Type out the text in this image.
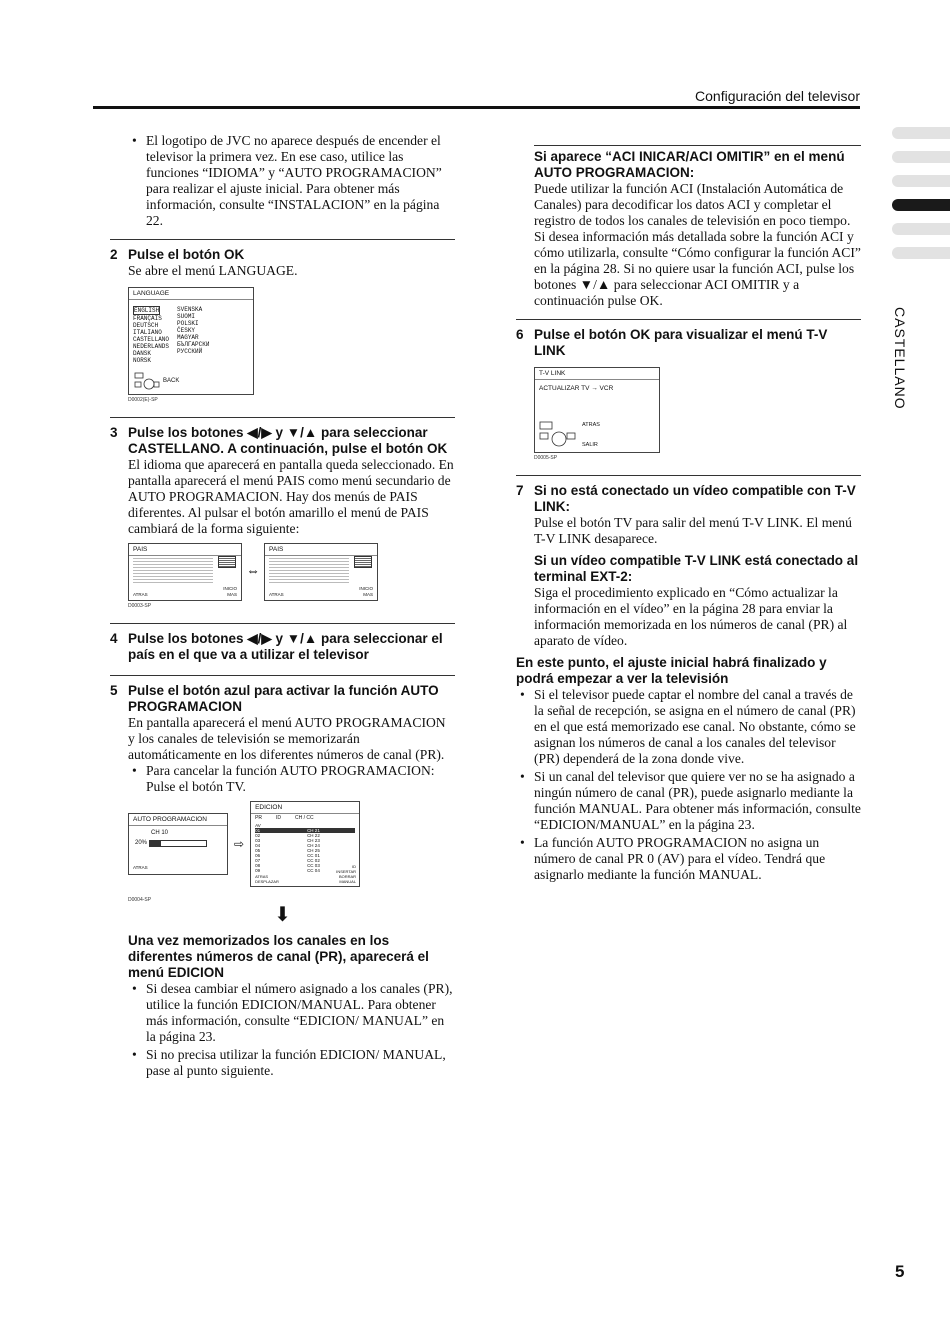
Configuración del televisor
CASTELLANO
• El logotipo de JVC no aparece después de encender el televisor la primera vez. En ese caso, utilice las funciones “IDIOMA” y “AUTO PROGRAMACION” para realizar el ajuste inicial. Para obtener más información, consulte “INSTALACION” en la página 22.
2 Pulse el botón OK
Se abre el menú LANGUAGE.
LANGUAGE
ENGLISH
FRANÇAIS
DEUTSCH
ITALIANO
CASTELLANO
NEDERLANDS
DANSK
NORSK
SVENSKA
SUOMI
POLSKI
ČESKY
MAGYAR
БЪЛГАРСКИ
РУССКИЙ
BACK
D0002(E)-SP
3 Pulse los botones ◀/▶ y ▼/▲ para seleccionar CASTELLANO. A continuación, pulse el botón OK
El idioma que aparecerá en pantalla queda seleccionado. En pantalla aparecerá el menú PAIS como menú secundario de AUTO PROGRAMACION. Hay dos menús de PAIS diferentes. Al pulsar el botón amarillo el menú de PAIS cambiará de la forma siguiente:
PAIS
ATRAS
INICIO
MAS
⇔
PAIS
ATRAS
INICIO
MAS
D0003-SP
4 Pulse los botones ◀/▶ y ▼/▲ para seleccionar el país en el que va a utilizar el televisor
5 Pulse el botón azul para activar la función AUTO PROGRAMACION
En pantalla aparecerá el menú AUTO PROGRAMACION y los canales de televisión se memorizarán automáticamente en los diferentes números de canal (PR).
• Para cancelar la función AUTO PROGRAMACION: Pulse el botón TV.
AUTO PROGRAMACION
CH 10
20%
ATRAS
⇨
EDICION
PR	ID	CH / CC
AV
01	CH 21
02	CH 22
03	CH 23
04	CH 24
05	CH 25
06	CC 01
07	CC 02
08	CC 03
09	CC 04
ATRAS
DESPLAZAR
ID
INSERTAR
BORRAR
MANUAL
D0004-SP
⬇
Una vez memorizados los canales en los diferentes números de canal (PR), aparecerá el menú EDICION
• Si desea cambiar el número asignado a los canales (PR), utilice la función EDICION/MANUAL. Para obtener más información, consulte “EDICION/ MANUAL” en la página 23.
• Si no precisa utilizar la función EDICION/ MANUAL, pase al punto siguiente.
Si aparece “ACI INICAR/ACI OMITIR” en el menú AUTO PROGRAMACION:
Puede utilizar la función ACI (Instalación Automática de Canales) para decodificar los datos ACI y completar el registro de todos los canales de televisión en poco tiempo. Si desea información más detallada sobre la función ACI y cómo utilizarla, consulte “Cómo configurar la función ACI” en la página 28. Si no quiere usar la función ACI, pulse los botones ▼/▲ para seleccionar ACI OMITIR y a continuación pulse OK.
6 Pulse el botón OK para visualizar el menú T-V LINK
T-V LINK
ACTUALIZAR TV → VCR
ATRAS
SALIR
D0005-SP
7 Si no está conectado un vídeo compatible con T-V LINK:
Pulse el botón TV para salir del menú T-V LINK. El menú T-V LINK desaparece.
Si un vídeo compatible T-V LINK está conectado al terminal EXT-2:
Siga el procedimiento explicado en “Cómo actualizar la información en el vídeo” en la página 28 para enviar la información memorizada en los números de canal (PR) al aparato de vídeo.
En este punto, el ajuste inicial habrá finalizado y podrá empezar a ver la televisión
• Si el televisor puede captar el nombre del canal a través de la señal de recepción, se asigna en el número de canal (PR) en el que está memorizado ese canal. No obstante, cómo se asignan los números de canal a los canales del televisor (PR) dependerá de la zona donde vive.
• Si un canal del televisor que quiere ver no se ha asignado a ningún número de canal (PR), puede asignarlo mediante la función MANUAL. Para obtener más información, consulte “EDICION/MANUAL” en la página 23.
• La función AUTO PROGRAMACION no asigna un número de canal PR 0 (AV) para el vídeo. Tendrá que asignarlo mediante la función MANUAL.
5
